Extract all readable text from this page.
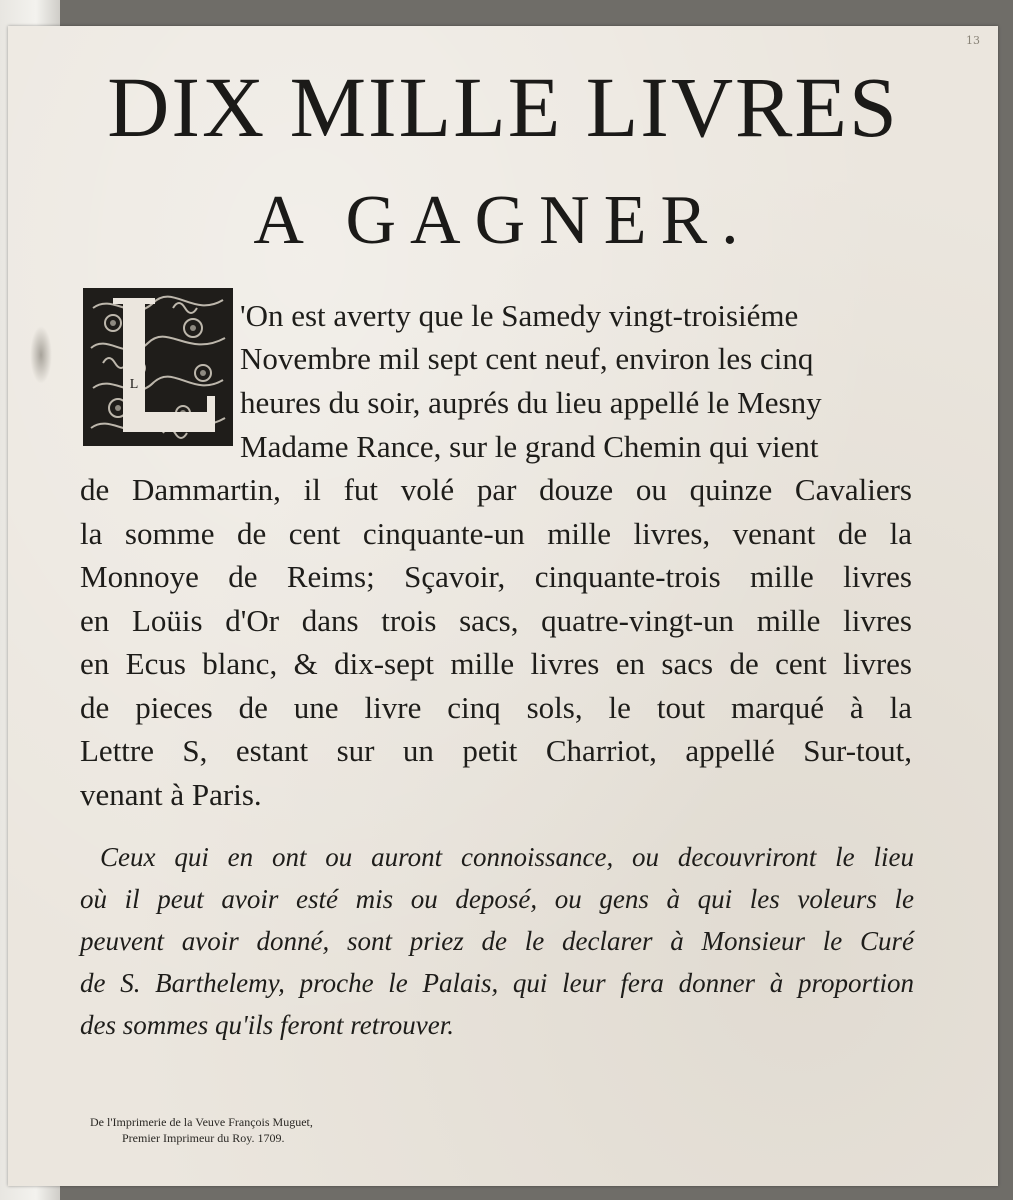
13
DIX MILLE LIVRES
A GAGNER.
L
'On est averty que le Samedy vingt-troisiéme
Novembre mil sept cent neuf, environ les cinq
heures du soir, auprés du lieu appellé le Mesny
Madame Rance, sur le grand Chemin qui vient
de Dammartin, il fut volé par douze ou quinze Cavaliers
la somme de cent cinquante-un mille livres, venant de la
Monnoye de Reims; Sçavoir, cinquante-trois mille livres
en Loüis d'Or dans trois sacs, quatre-vingt-un mille livres
en Ecus blanc, & dix-sept mille livres en sacs de cent livres
de pieces de une livre cinq sols, le tout marqué à la
Lettre S, estant sur un petit Charriot, appellé Sur-tout,
venant à Paris.
Ceux qui en ont ou auront connoissance, ou decouvriront le lieu
où il peut avoir esté mis ou deposé, ou gens à qui les voleurs le
peuvent avoir donné, sont priez de le declarer à Monsieur le Curé
de S. Barthelemy, proche le Palais, qui leur fera donner à proportion
des sommes qu'ils feront retrouver.
De l'Imprimerie de la Veuve François Muguet,
Premier Imprimeur du Roy. 1709.
